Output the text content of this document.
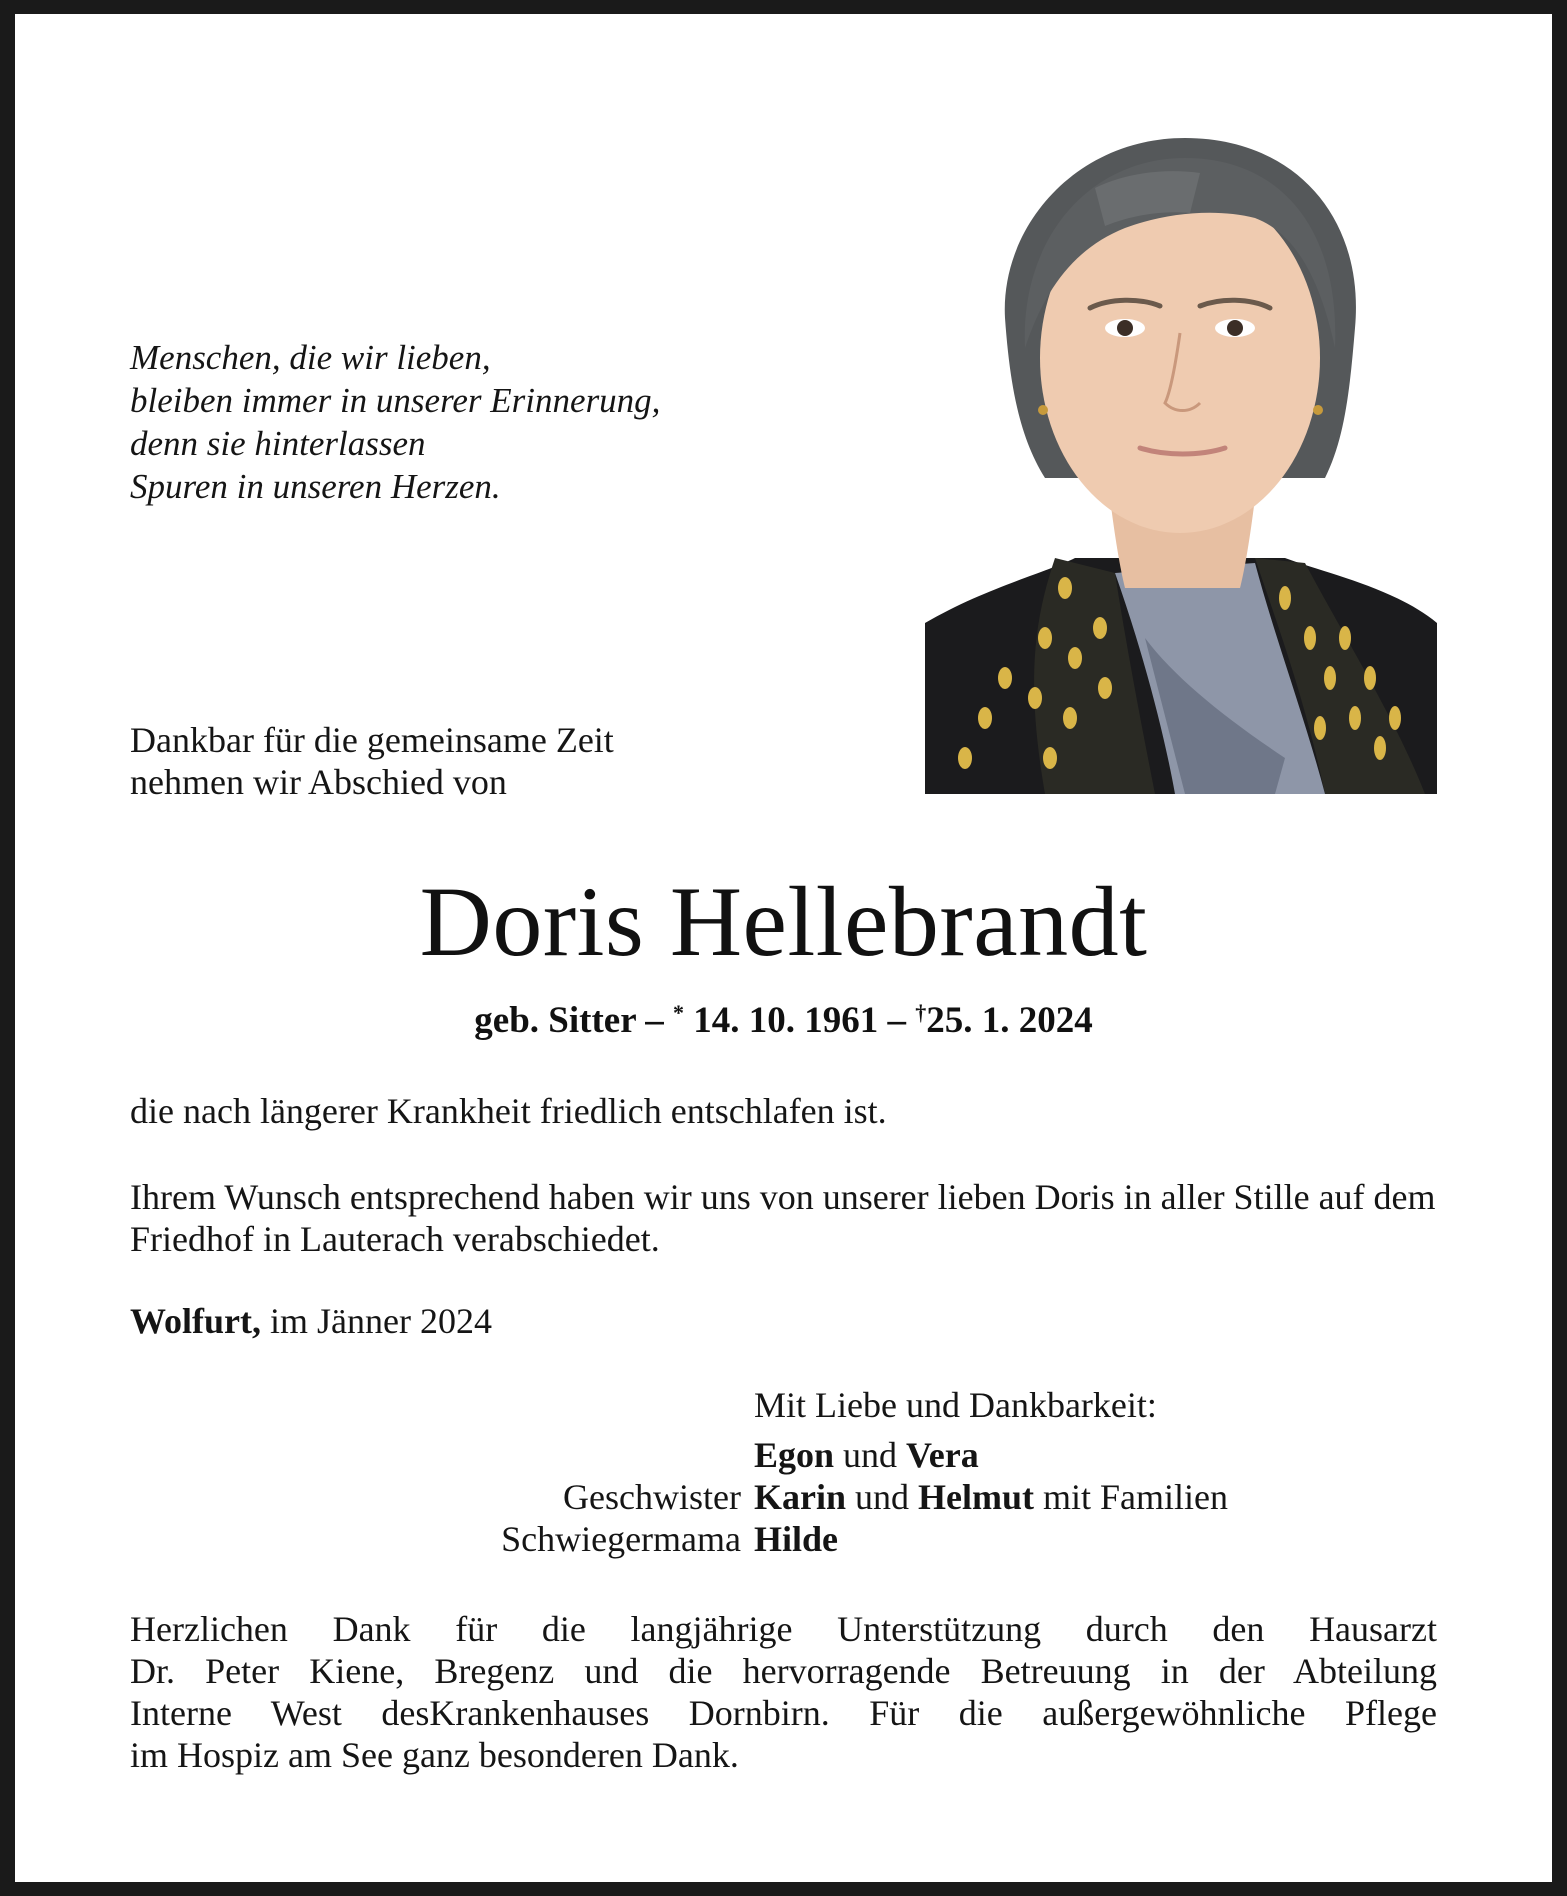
Menschen, die wir lieben,
bleiben immer in unserer Erinnerung,
denn sie hinterlassen
Spuren in unseren Herzen.
Dankbar für die gemeinsame Zeit
nehmen wir Abschied von
Doris Hellebrandt
geb. Sitter – * 14. 10. 1961 – †25. 1. 2024
die nach längerer Krankheit friedlich entschlafen ist.
Ihrem Wunsch entsprechend haben wir uns von unserer lieben Doris in aller Stille auf dem Friedhof in Lauterach verabschiedet.
Wolfurt, im Jänner 2024
Mit Liebe und Dankbarkeit:
Egon und Vera
Geschwister Karin und Helmut mit Familien
Schwiegermama Hilde
Herzlichen Dank für die langjährige Unterstützung durch den Hausarzt
Dr. Peter Kiene, Bregenz und die hervorragende Betreuung in der Abteilung
Interne West desKrankenhauses Dornbirn. Für die außergewöhnliche Pflege
im Hospiz am See ganz besonderen Dank.
